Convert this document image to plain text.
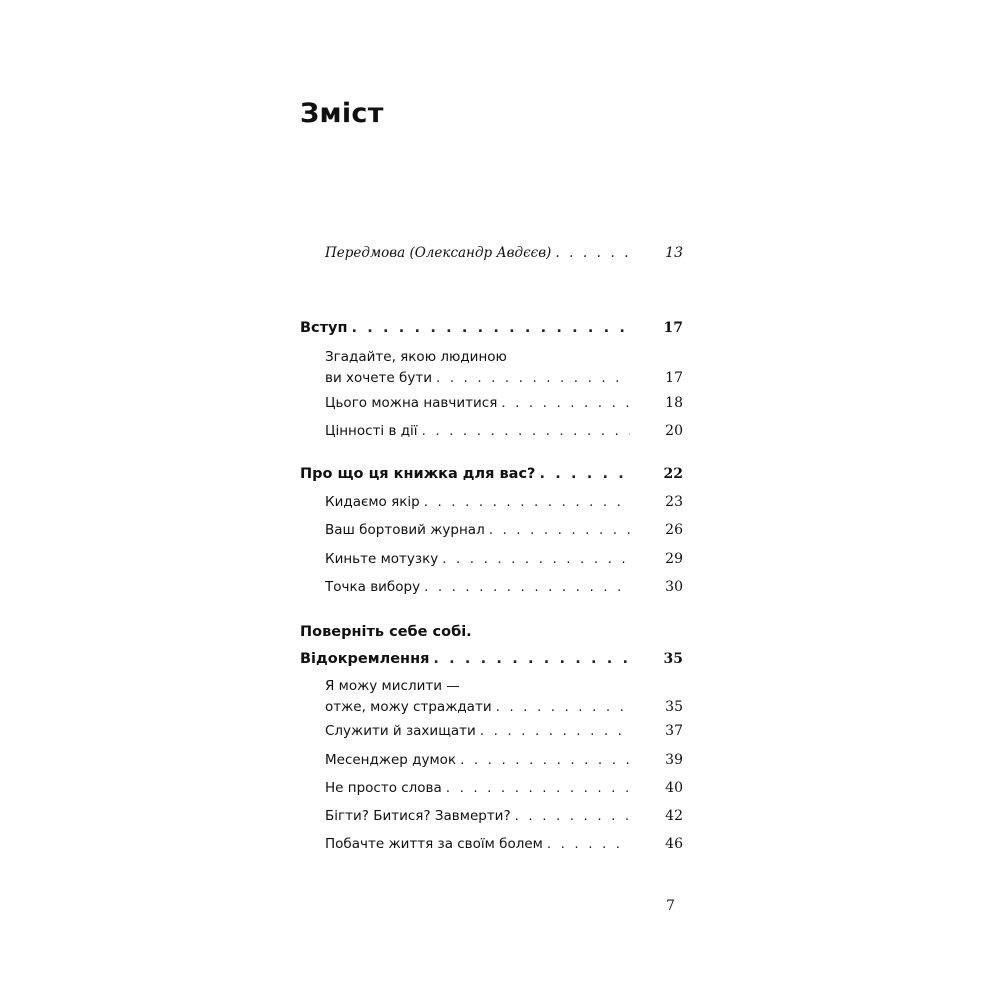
Зміст
Передмова (Олександр Авдєєв) . . .	13
Вступ . . .	17
Згадайте, якою людиною
ви хочете бути . . .	17
Цього можна навчитися . . .	18
Цінності в дії . . .	20
Про що ця книжка для вас? . . .	22
Кидаємо якір . . .	23
Ваш бортовий журнал . . .	26
Киньте мотузку . . .	29
Точка вибору . . .	30
Поверніть себе собі.
Відокремлення . . .	35
Я можу мислити —
отже, можу страждати . . .	35
Служити й захищати . . .	37
Месенджер думок . . .	39
Не просто слова . . .	40
Бігти? Битися? Завмерти? . . .	42
Побачте життя за своїм болем . . .	46
7
